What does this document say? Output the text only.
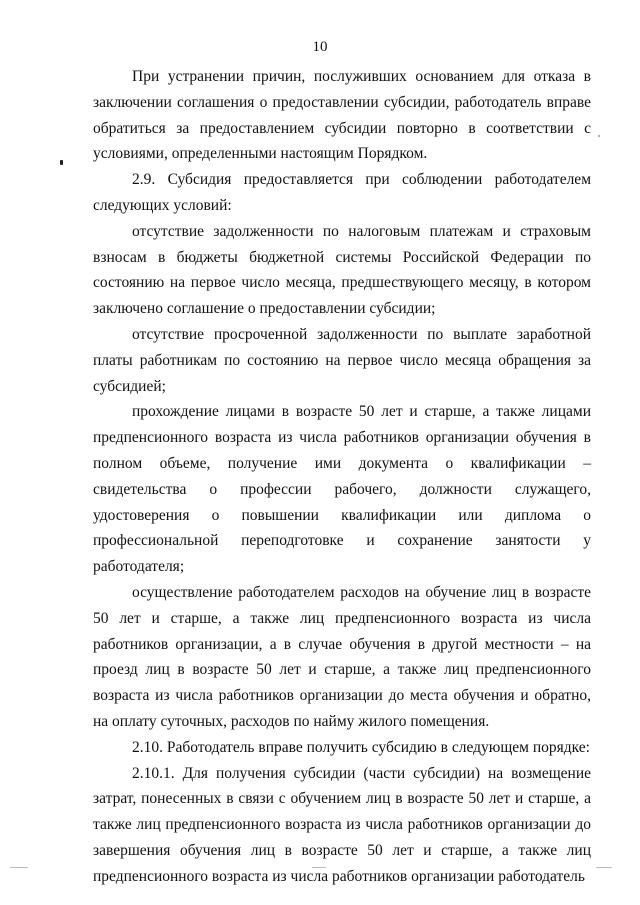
10

При устранении причин, послуживших основанием для отказа в заключении соглашения о предоставлении субсидии, работодатель вправе обратиться за предоставлением субсидии повторно в соответствии с условиями, определенными настоящим Порядком.

2.9. Субсидия предоставляется при соблюдении работодателем следующих условий:

отсутствие задолженности по налоговым платежам и страховым взносам в бюджеты бюджетной системы Российской Федерации по состоянию на первое число месяца, предшествующего месяцу, в котором заключено соглашение о предоставлении субсидии;

отсутствие просроченной задолженности по выплате заработной платы работникам по состоянию на первое число месяца обращения за субсидией;

прохождение лицами в возрасте 50 лет и старше, а также лицами предпенсионного возраста из числа работников организации обучения в полном объеме, получение ими документа о квалификации – свидетельства о профессии рабочего, должности служащего, удостоверения о повышении квалификации или диплома о профессиональной переподготовке и сохранение занятости у работодателя;

осуществление работодателем расходов на обучение лиц в возрасте 50 лет и старше, а также лиц предпенсионного возраста из числа работников организации, а в случае обучения в другой местности – на проезд лиц в возрасте 50 лет и старше, а также лиц предпенсионного возраста из числа работников организации до места обучения и обратно, на оплату суточных, расходов по найму жилого помещения.

2.10. Работодатель вправе получить субсидию в следующем порядке:

2.10.1. Для получения субсидии (части субсидии) на возмещение затрат, понесенных в связи с обучением лиц в возрасте 50 лет и старше, а также лиц предпенсионного возраста из числа работников организации до завершения обучения лиц в возрасте 50 лет и старше, а также лиц предпенсионного возраста из числа работников организации работодатель
